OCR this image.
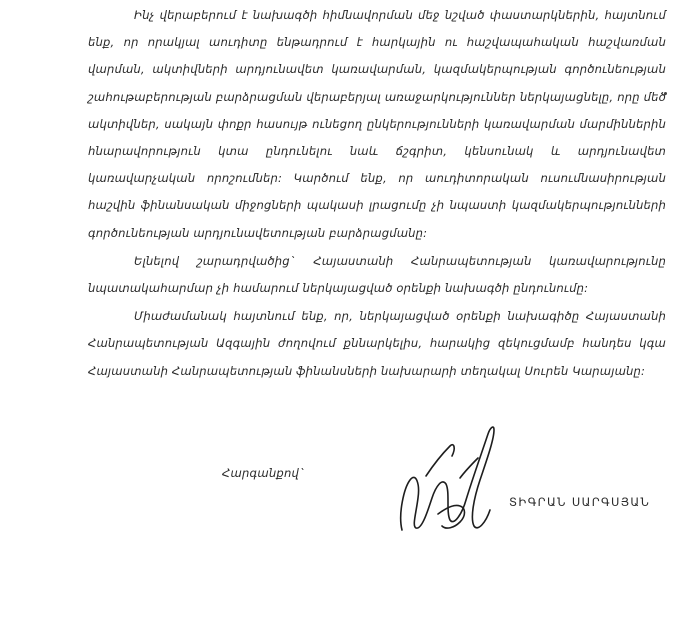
Ինչ վերաբերում է նախագծի հիմնավորման մեջ նշված փաստարկներին, հայտնում ենք, որ որակյալ աուդիտը ենթադրում է հարկային ու հաշվապահական հաշվառման վարման, ակտիվների արդյունավետ կառավարման, կազմակերպության գործունեության շահութաբերության բարձրացման վերաբերյալ առաջարկություններ ներկայացնելը, որը մեծ ակտիվներ, սակայն փոքր հասույթ ունեցող ընկերությունների կառավարման մարմիններին հնարավորություն կտա ընդունելու նաև ճշգրիտ, կենսունակ և արդյունավետ կառավարչական որոշումներ: Կարծում ենք, որ աուդիտորական ուսումնասիրության հաշվին ֆինանսական միջոցների պակասի լրացումը չի նպաստի կազմակերպությունների գործունեության արդյունավետության բարձրացմանը:

Ելնելով շարադրվածից` Հայաստանի Հանրապետության կառավարությունը նպատակահարմար չի համարում ներկայացված օրենքի նախագծի ընդունումը:

Միաժամանակ հայտնում ենք, որ, ներկայացված օրենքի նախագիծը Հայաստանի Հանրապետության Ազգային ժողովում քննարկելիս, հարակից զեկուցմամբ հանդես կգա Հայաստանի Հանրապետության ֆինանսների նախարարի տեղակալ Սուրեն Կարայանը:

Հարգանքով`
ՏԻԳՐԱՆ ՍԱՐԳՍՅԱՆ
